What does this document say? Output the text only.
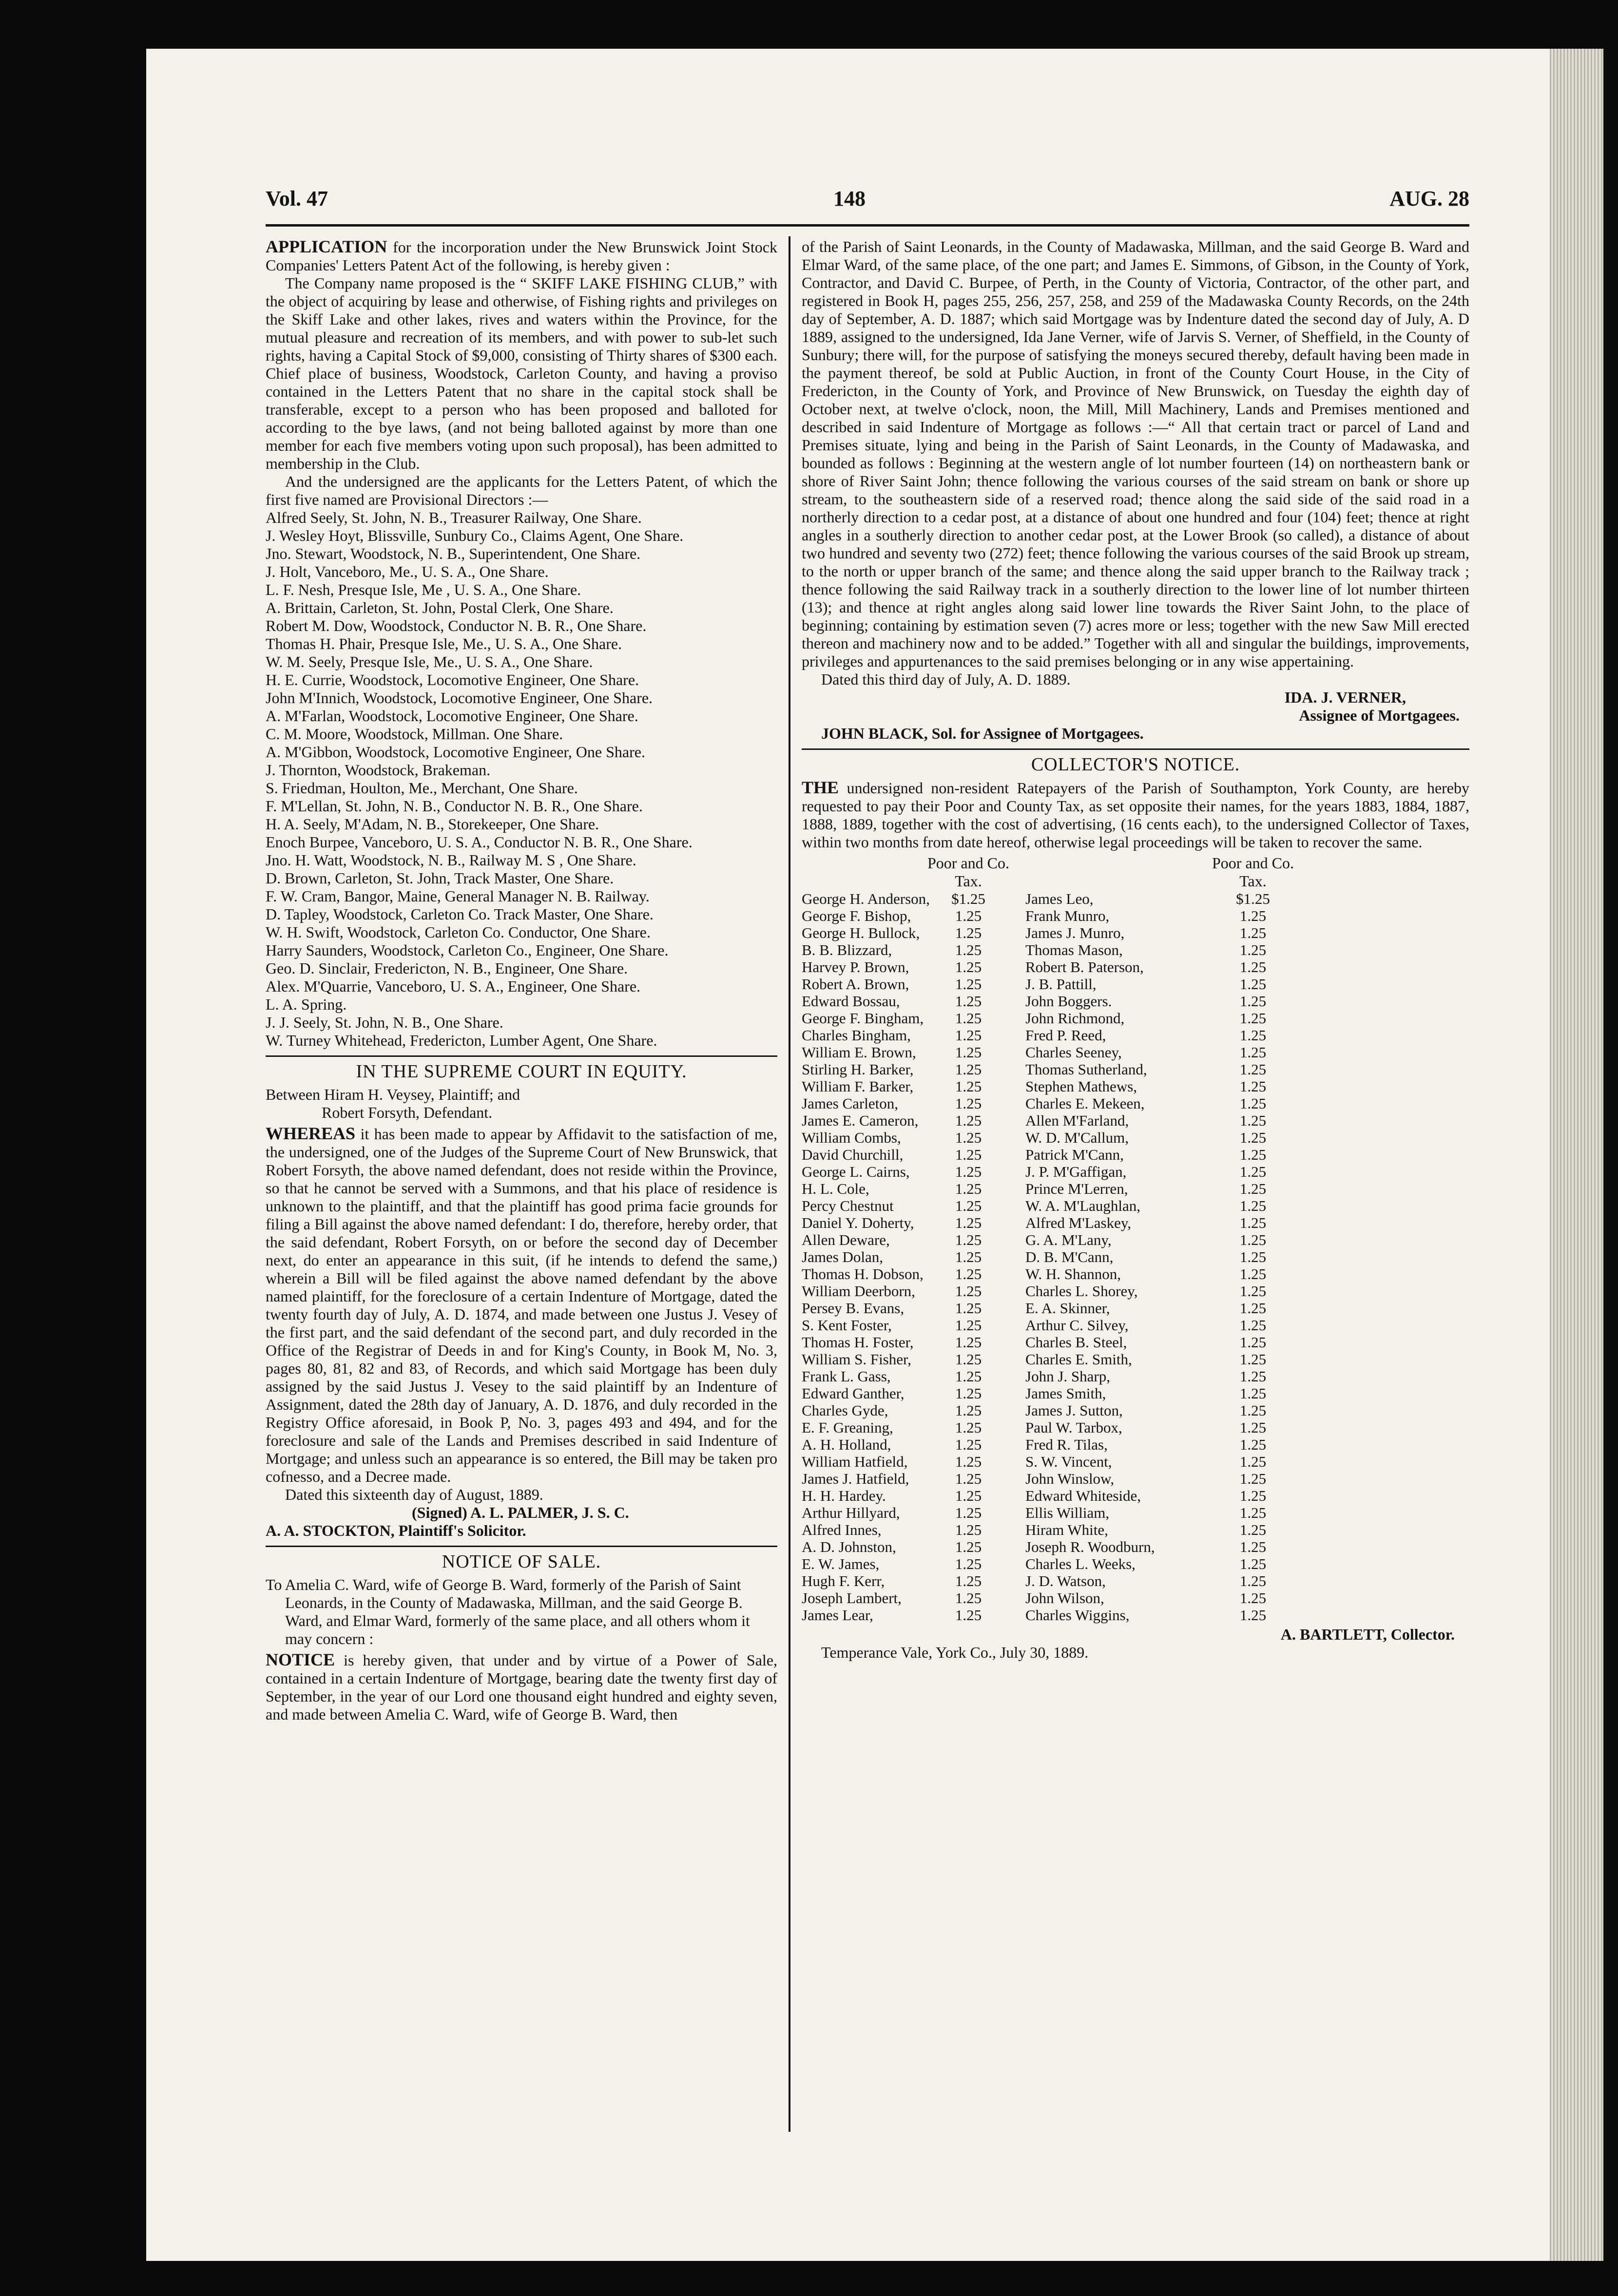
Vol. 47	148	AUG. 28

APPLICATION for the incorporation under the New Brunswick Joint Stock Companies' Letters Patent Act of the following, is hereby given :

The Company name proposed is the “ SKIFF LAKE FISHING CLUB,” with the object of acquiring by lease and otherwise, of Fishing rights and privileges on the Skiff Lake and other lakes, rives and waters within the Province, for the mutual pleasure and recreation of its members, and with power to sub-let such rights, having a Capital Stock of $9,000, consisting of Thirty shares of $300 each. Chief place of business, Woodstock, Carleton County, and having a proviso contained in the Letters Patent that no share in the capital stock shall be transferable, except to a person who has been proposed and balloted for according to the bye laws, (and not being balloted against by more than one member for each five members voting upon such proposal), has been admitted to membership in the Club.

And the undersigned are the applicants for the Letters Patent, of which the first five named are Provisional Directors :—

Alfred Seely, St. John, N. B., Treasurer Railway, One Share.

J. Wesley Hoyt, Blissville, Sunbury Co., Claims Agent, One Share.

Jno. Stewart, Woodstock, N. B., Superintendent, One Share.

J. Holt, Vanceboro, Me., U. S. A., One Share.

L. F. Nesh, Presque Isle, Me , U. S. A., One Share.

A. Brittain, Carleton, St. John, Postal Clerk, One Share.

Robert M. Dow, Woodstock, Conductor N. B. R., One Share.

Thomas H. Phair, Presque Isle, Me., U. S. A., One Share.

W. M. Seely, Presque Isle, Me., U. S. A., One Share.

H. E. Currie, Woodstock, Locomotive Engineer, One Share.

John M'Innich, Woodstock, Locomotive Engineer, One Share.

A. M'Farlan, Woodstock, Locomotive Engineer, One Share.

C. M. Moore, Woodstock, Millman. One Share.

A. M'Gibbon, Woodstock, Locomotive Engineer, One Share.

J. Thornton, Woodstock, Brakeman.

S. Friedman, Houlton, Me., Merchant, One Share.

F. M'Lellan, St. John, N. B., Conductor N. B. R., One Share.

H. A. Seely, M'Adam, N. B., Storekeeper, One Share.

Enoch Burpee, Vanceboro, U. S. A., Conductor N. B. R., One Share.

Jno. H. Watt, Woodstock, N. B., Railway M. S , One Share.

D. Brown, Carleton, St. John, Track Master, One Share.

F. W. Cram, Bangor, Maine, General Manager N. B. Railway.

D. Tapley, Woodstock, Carleton Co. Track Master, One Share.

W. H. Swift, Woodstock, Carleton Co. Conductor, One Share.

Harry Saunders, Woodstock, Carleton Co., Engineer, One Share.

Geo. D. Sinclair, Fredericton, N. B., Engineer, One Share.

Alex. M'Quarrie, Vanceboro, U. S. A., Engineer, One Share.

L. A. Spring.

J. J. Seely, St. John, N. B., One Share.

W. Turney Whitehead, Fredericton, Lumber Agent, One Share.

IN THE SUPREME COURT IN EQUITY.

Between Hiram H. Veysey, Plaintiff; and

Robert Forsyth, Defendant.

WHEREAS it has been made to appear by Affidavit to the satisfaction of me, the undersigned, one of the Judges of the Supreme Court of New Brunswick, that Robert Forsyth, the above named defendant, does not reside within the Province, so that he cannot be served with a Summons, and that his place of residence is unknown to the plaintiff, and that the plaintiff has good prima facie grounds for filing a Bill against the above named defendant: I do, therefore, hereby order, that the said defendant, Robert Forsyth, on or before the second day of December next, do enter an appearance in this suit, (if he intends to defend the same,) wherein a Bill will be filed against the above named defendant by the above named plaintiff, for the foreclosure of a certain Indenture of Mortgage, dated the twenty fourth day of July, A. D. 1874, and made between one Justus J. Vesey of the first part, and the said defendant of the second part, and duly recorded in the Office of the Registrar of Deeds in and for King's County, in Book M, No. 3, pages 80, 81, 82 and 83, of Records, and which said Mortgage has been duly assigned by the said Justus J. Vesey to the said plaintiff by an Indenture of Assignment, dated the 28th day of January, A. D. 1876, and duly recorded in the Registry Office aforesaid, in Book P, No. 3, pages 493 and 494, and for the foreclosure and sale of the Lands and Premises described in said Indenture of Mortgage; and unless such an appearance is so entered, the Bill may be taken pro cofnesso, and a Decree made.

Dated this sixteenth day of August, 1889.

(Signed) A. L. PALMER, J. S. C.

A. A. STOCKTON, Plaintiff's Solicitor.

NOTICE OF SALE.

To Amelia C. Ward, wife of George B. Ward, formerly of the Parish of Saint Leonards, in the County of Madawaska, Millman, and the said George B. Ward, and Elmar Ward, formerly of the same place, and all others whom it may concern :

NOTICE is hereby given, that under and by virtue of a Power of Sale, contained in a certain Indenture of Mortgage, bearing date the twenty first day of September, in the year of our Lord one thousand eight hundred and eighty seven, and made between Amelia C. Ward, wife of George B. Ward, then

of the Parish of Saint Leonards, in the County of Madawaska, Millman, and the said George B. Ward and Elmar Ward, of the same place, of the one part; and James E. Simmons, of Gibson, in the County of York, Contractor, and David C. Burpee, of Perth, in the County of Victoria, Contractor, of the other part, and registered in Book H, pages 255, 256, 257, 258, and 259 of the Madawaska County Records, on the 24th day of September, A. D. 1887; which said Mortgage was by Indenture dated the second day of July, A. D 1889, assigned to the undersigned, Ida Jane Verner, wife of Jarvis S. Verner, of Sheffield, in the County of Sunbury; there will, for the purpose of satisfying the moneys secured thereby, default having been made in the payment thereof, be sold at Public Auction, in front of the County Court House, in the City of Fredericton, in the County of York, and Province of New Brunswick, on Tuesday the eighth day of October next, at twelve o'clock, noon, the Mill, Mill Machinery, Lands and Premises mentioned and described in said Indenture of Mortgage as follows :—“ All that certain tract or parcel of Land and Premises situate, lying and being in the Parish of Saint Leonards, in the County of Madawaska, and bounded as follows : Beginning at the western angle of lot number fourteen (14) on northeastern bank or shore of River Saint John; thence following the various courses of the said stream on bank or shore up stream, to the southeastern side of a reserved road; thence along the said side of the said road in a northerly direction to a cedar post, at a distance of about one hundred and four (104) feet; thence at right angles in a southerly direction to another cedar post, at the Lower Brook (so called), a distance of about two hundred and seventy two (272) feet; thence following the various courses of the said Brook up stream, to the north or upper branch of the same; and thence along the said upper branch to the Railway track ; thence following the said Railway track in a southerly direction to the lower line of lot number thirteen (13); and thence at right angles along said lower line towards the River Saint John, to the place of beginning; containing by estimation seven (7) acres more or less; together with the new Saw Mill erected thereon and machinery now and to be added.” Together with all and singular the buildings, improvements, privileges and appurtenances to the said premises belonging or in any wise appertaining.

Dated this third day of July, A. D. 1889.

IDA. J. VERNER,

Assignee of Mortgagees.

JOHN BLACK, Sol. for Assignee of Mortgagees.

COLLECTOR'S NOTICE.

THE undersigned non-resident Ratepayers of the Parish of Southampton, York County, are hereby requested to pay their Poor and County Tax, as set opposite their names, for the years 1883, 1884, 1887, 1888, 1889, together with the cost of advertising, (16 cents each), to the undersigned Collector of Taxes, within two months from date hereof, otherwise legal proceedings will be taken to recover the same.

Poor and Co. Tax.
Poor and Co. Tax.
George H. Anderson,	$1.25	James Leo,	$1.25
George F. Bishop,	1.25	Frank Munro,	1.25
George H. Bullock,	1.25	James J. Munro,	1.25
B. B. Blizzard,	1.25	Thomas Mason,	1.25
Harvey P. Brown,	1.25	Robert B. Paterson,	1.25
Robert A. Brown,	1.25	J. B. Pattill,	1.25
Edward Bossau,	1.25	John Boggers.	1.25
George F. Bingham,	1.25	John Richmond,	1.25
Charles Bingham,	1.25	Fred P. Reed,	1.25
William E. Brown,	1.25	Charles Seeney,	1.25
Stirling H. Barker,	1.25	Thomas Sutherland,	1.25
William F. Barker,	1.25	Stephen Mathews,	1.25
James Carleton,	1.25	Charles E. Mekeen,	1.25
James E. Cameron,	1.25	Allen M'Farland,	1.25
William Combs,	1.25	W. D. M'Callum,	1.25
David Churchill,	1.25	Patrick M'Cann,	1.25
George L. Cairns,	1.25	J. P. M'Gaffigan,	1.25
H. L. Cole,	1.25	Prince M'Lerren,	1.25
Percy Chestnut	1.25	W. A. M'Laughlan,	1.25
Daniel Y. Doherty,	1.25	Alfred M'Laskey,	1.25
Allen Deware,	1.25	G. A. M'Lany,	1.25
James Dolan,	1.25	D. B. M'Cann,	1.25
Thomas H. Dobson,	1.25	W. H. Shannon,	1.25
William Deerborn,	1.25	Charles L. Shorey,	1.25
Persey B. Evans,	1.25	E. A. Skinner,	1.25
S. Kent Foster,	1.25	Arthur C. Silvey,	1.25
Thomas H. Foster,	1.25	Charles B. Steel,	1.25
William S. Fisher,	1.25	Charles E. Smith,	1.25
Frank L. Gass,	1.25	John J. Sharp,	1.25
Edward Ganther,	1.25	James Smith,	1.25
Charles Gyde,	1.25	James J. Sutton,	1.25
E. F. Greaning,	1.25	Paul W. Tarbox,	1.25
A. H. Holland,	1.25	Fred R. Tilas,	1.25
William Hatfield,	1.25	S. W. Vincent,	1.25
James J. Hatfield,	1.25	John Winslow,	1.25
H. H. Hardey.	1.25	Edward Whiteside,	1.25
Arthur Hillyard,	1.25	Ellis William,	1.25
Alfred Innes,	1.25	Hiram White,	1.25
A. D. Johnston,	1.25	Joseph R. Woodburn,	1.25
E. W. James,	1.25	Charles L. Weeks,	1.25
Hugh F. Kerr,	1.25	J. D. Watson,	1.25
Joseph Lambert,	1.25	John Wilson,	1.25
James Lear,	1.25	Charles Wiggins,	1.25

A. BARTLETT, Collector.

Temperance Vale, York Co., July 30, 1889.
